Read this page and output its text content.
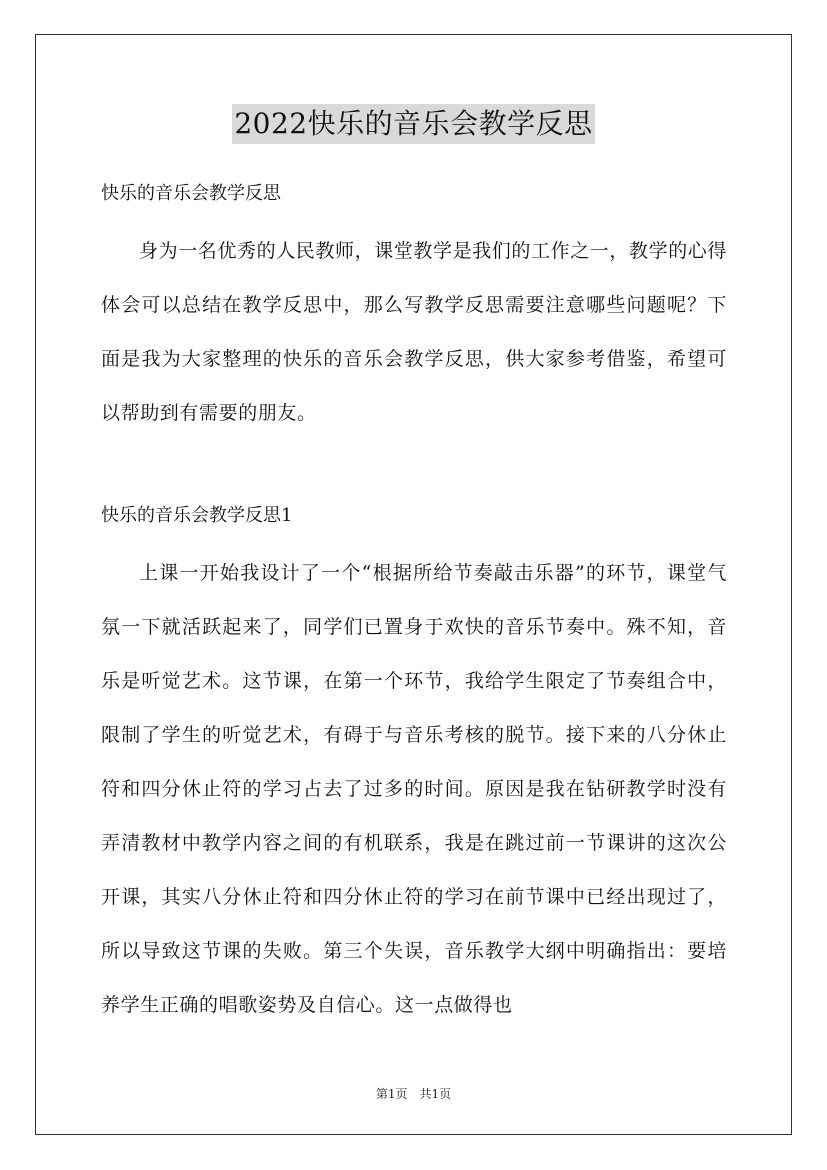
2022快乐的音乐会教学反思

快乐的音乐会教学反思

身为一名优秀的人民教师，课堂教学是我们的工作之一，教学的心得体会可以总结在教学反思中，那么写教学反思需要注意哪些问题呢？下面是我为大家整理的快乐的音乐会教学反思，供大家参考借鉴，希望可以帮助到有需要的朋友。

快乐的音乐会教学反思1

上课一开始我设计了一个“根据所给节奏敲击乐器”的环节，课堂气氛一下就活跃起来了，同学们已置身于欢快的音乐节奏中。殊不知，音乐是听觉艺术。这节课，在第一个环节，我给学生限定了节奏组合中，限制了学生的听觉艺术，有碍于与音乐考核的脱节。接下来的八分休止符和四分休止符的学习占去了过多的时间。原因是我在钻研教学时没有弄清教材中教学内容之间的有机联系，我是在跳过前一节课讲的这次公开课，其实八分休止符和四分休止符的学习在前节课中已经出现过了，所以导致这节课的失败。第三个失误，音乐教学大纲中明确指出：要培养学生正确的唱歌姿势及自信心。这一点做得也

第1页　共1页
